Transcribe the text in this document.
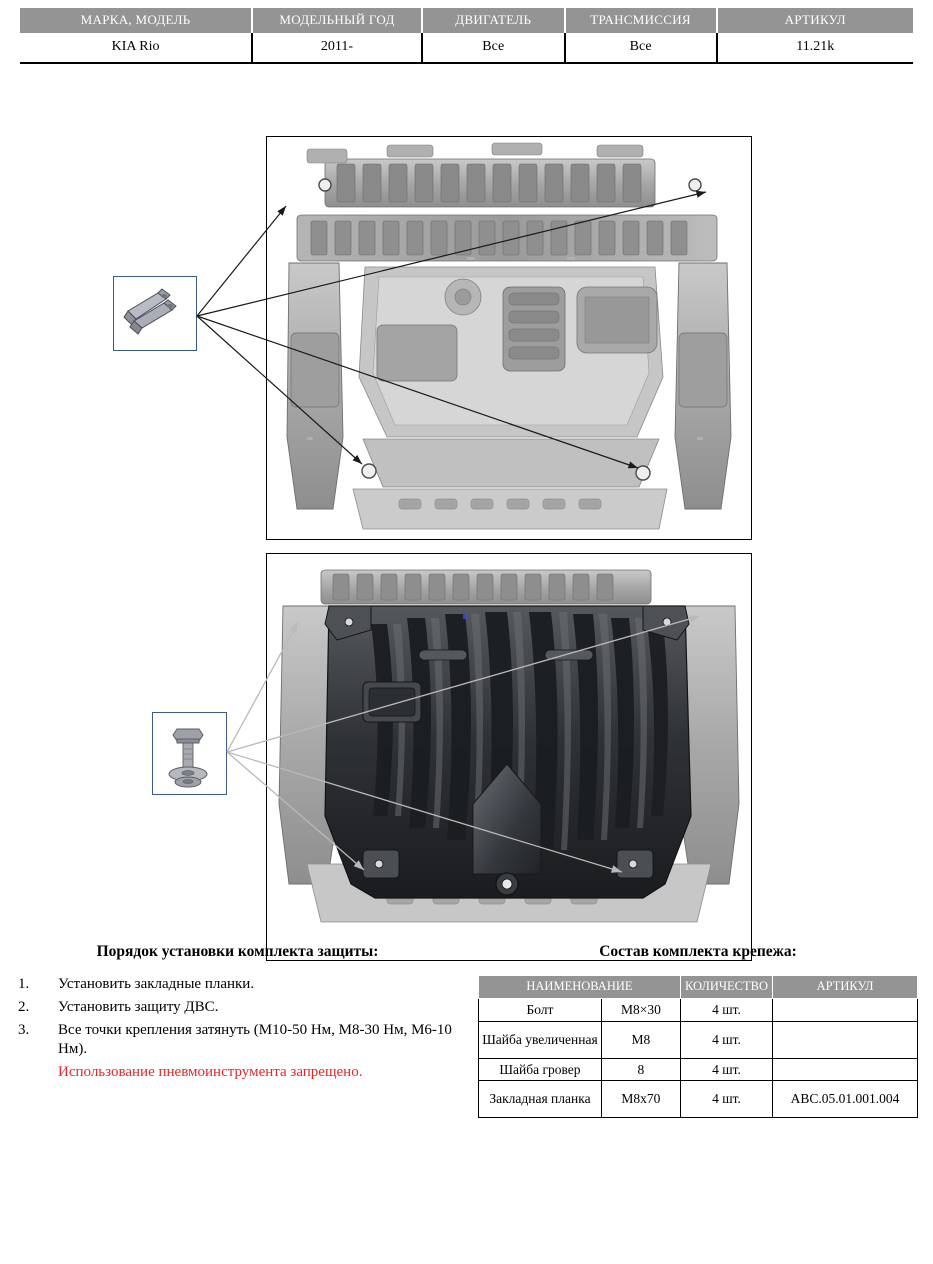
МАРКА, МОДЕЛЬ	МОДЕЛЬНЫЙ ГОД	ДВИГАТЕЛЬ	ТРАНСМИССИЯ	АРТИКУЛ
KIA Rio	2011-	Все	Все	11.21k
Порядок установки комплекта защиты:
1.	Установить закладные планки.
2.	Установить защиту ДВС.
3.	Все точки крепления затянуть (М10-50 Нм, М8-30 Нм, М6-10 Нм).
Использование пневмоинструмента запрещено.
Состав комплекта крепежа:
НАИМЕНОВАНИЕ		КОЛИЧЕСТВО	АРТИКУЛ
Болт	М8×30	4 шт.	
Шайба увеличенная	М8	4 шт.	
Шайба гровер	8	4 шт.	
Закладная планка	М8х70	4 шт.	АВС.05.01.001.004
